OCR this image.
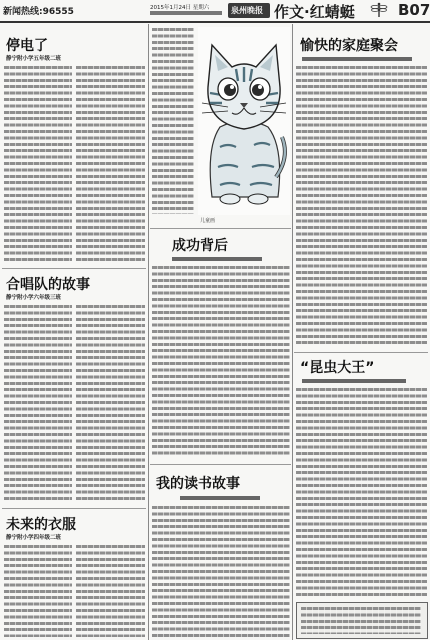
新闻热线:96555	2015年1月24日 星期六	泉州晚报 作文·红蜻蜓	B07
停电了
静宁附小学五年级二班
合唱队的故事
静宁附小学六年级三班
未来的衣服
静宁附小学四年级二班
儿童画
成功背后
我的读书故事
愉快的家庭聚会
“昆虫大王”
